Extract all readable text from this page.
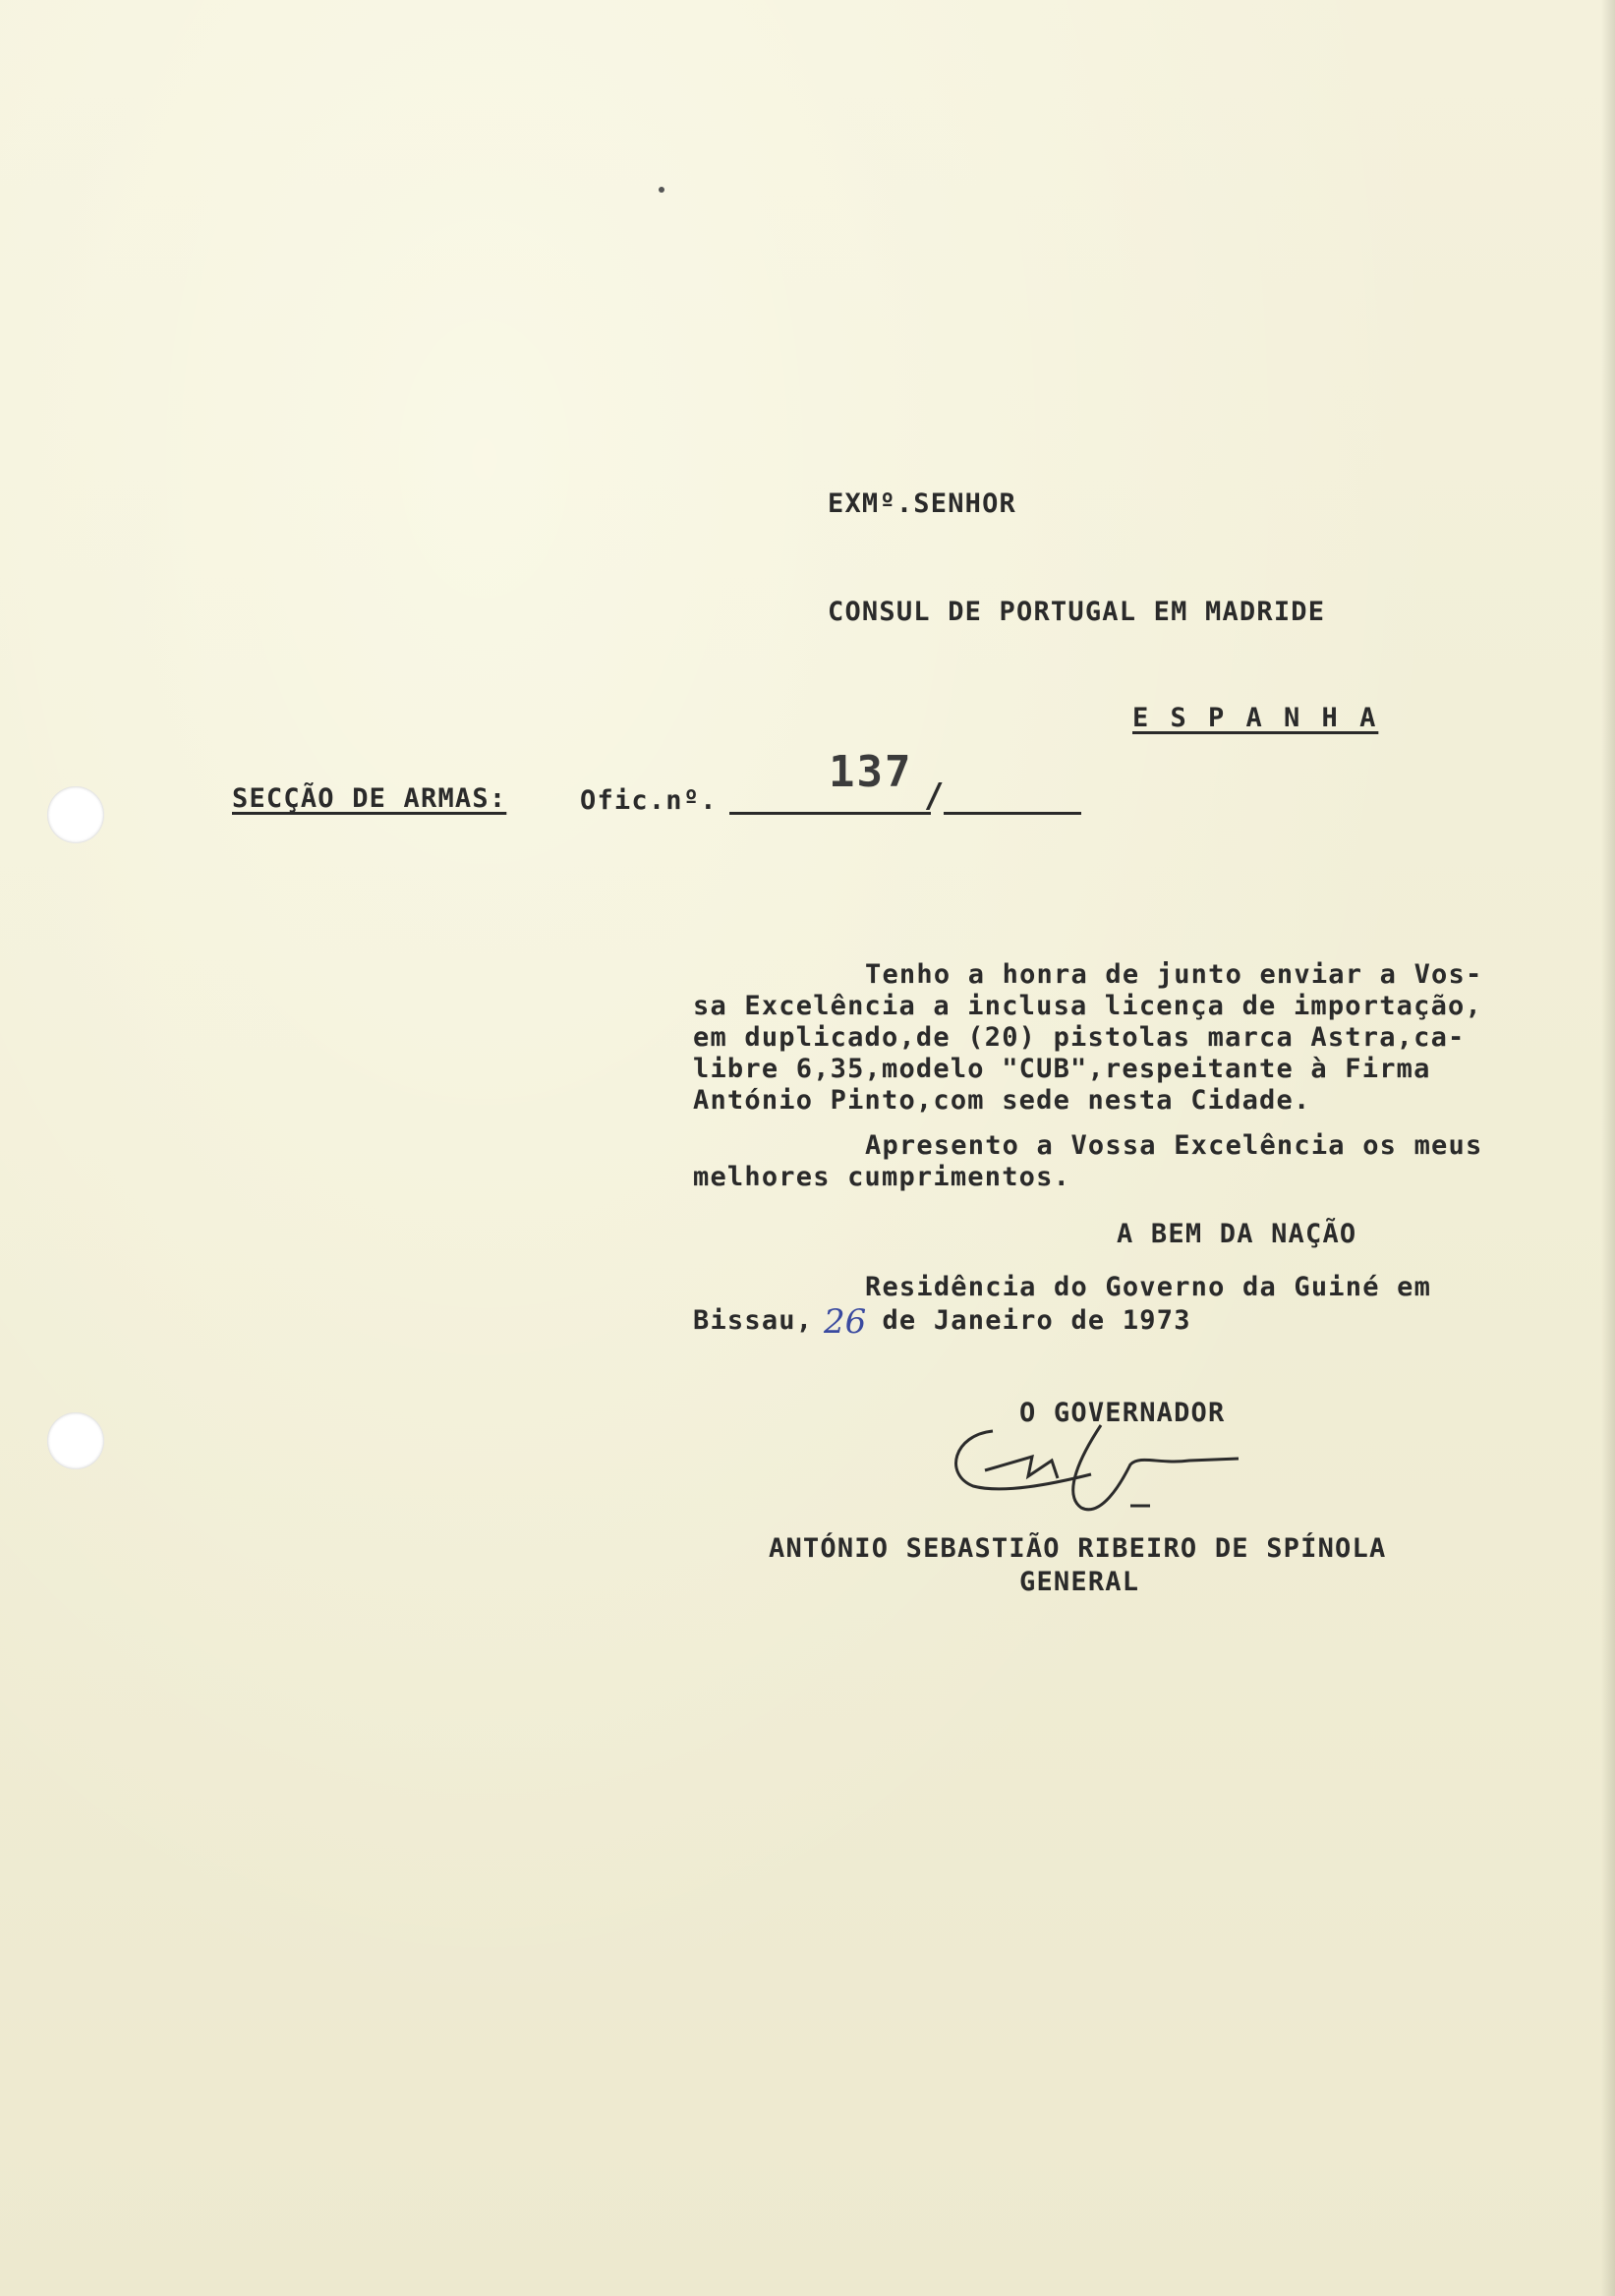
EXMº.SENHOR
CONSUL DE PORTUGAL EM MADRIDE
E S P A N H A
SECÇÃO DE ARMAS:	Ofic.nº.
137 /
Tenho a honra de junto enviar a Vos-
sa Excelência a inclusa licença de importação,
em duplicado,de (20) pistolas marca Astra,ca-
libre 6,35,modelo "CUB",respeitante à Firma
António Pinto,com sede nesta Cidade.
Apresento a Vossa Excelência os meus
melhores cumprimentos.
A BEM DA NAÇÃO
Residência do Governo da Guiné em
Bissau, 26
de Janeiro de 1973
O GOVERNADOR
ANTÓNIO SEBASTIÃO RIBEIRO DE SPÍNOLA
GENERAL
